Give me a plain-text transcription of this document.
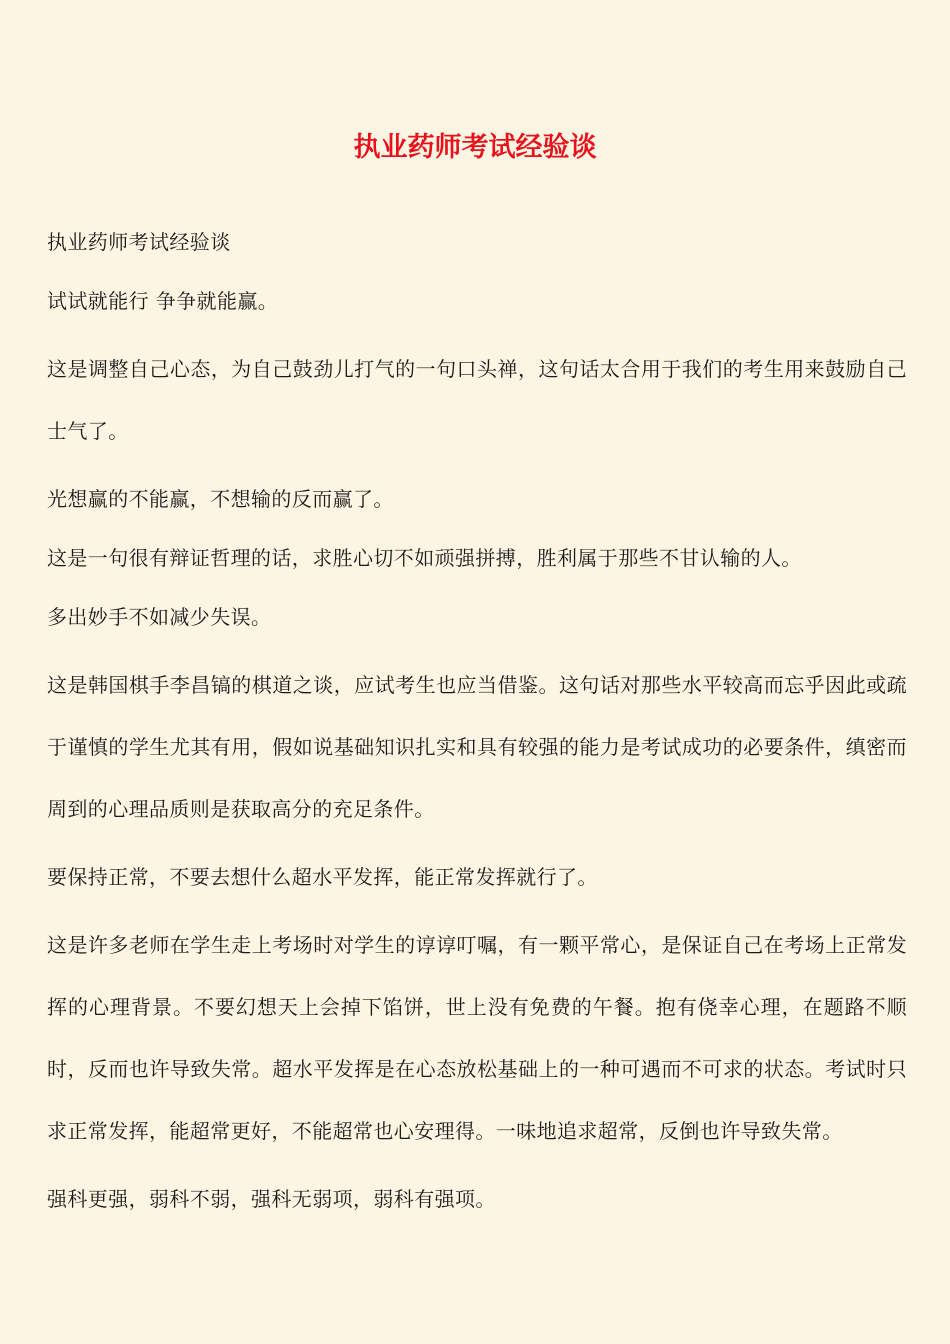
执业药师考试经验谈

执业药师考试经验谈

试试就能行 争争就能赢。

这是调整自己心态，为自己鼓劲儿打气的一句口头禅，这句话太合用于我们的考生用来鼓励自己士气了。

光想赢的不能赢，不想输的反而赢了。

这是一句很有辩证哲理的话，求胜心切不如顽强拼搏，胜利属于那些不甘认输的人。

多出妙手不如减少失误。

这是韩国棋手李昌镐的棋道之谈，应试考生也应当借鉴。这句话对那些水平较高而忘乎因此或疏于谨慎的学生尤其有用，假如说基础知识扎实和具有较强的能力是考试成功的必要条件，缜密而周到的心理品质则是获取高分的充足条件。

要保持正常，不要去想什么超水平发挥，能正常发挥就行了。

这是许多老师在学生走上考场时对学生的谆谆叮嘱，有一颗平常心，是保证自己在考场上正常发挥的心理背景。不要幻想天上会掉下馅饼，世上没有免费的午餐。抱有侥幸心理，在题路不顺时，反而也许导致失常。超水平发挥是在心态放松基础上的一种可遇而不可求的状态。考试时只求正常发挥，能超常更好，不能超常也心安理得。一味地追求超常，反倒也许导致失常。

强科更强，弱科不弱，强科无弱项，弱科有强项。
